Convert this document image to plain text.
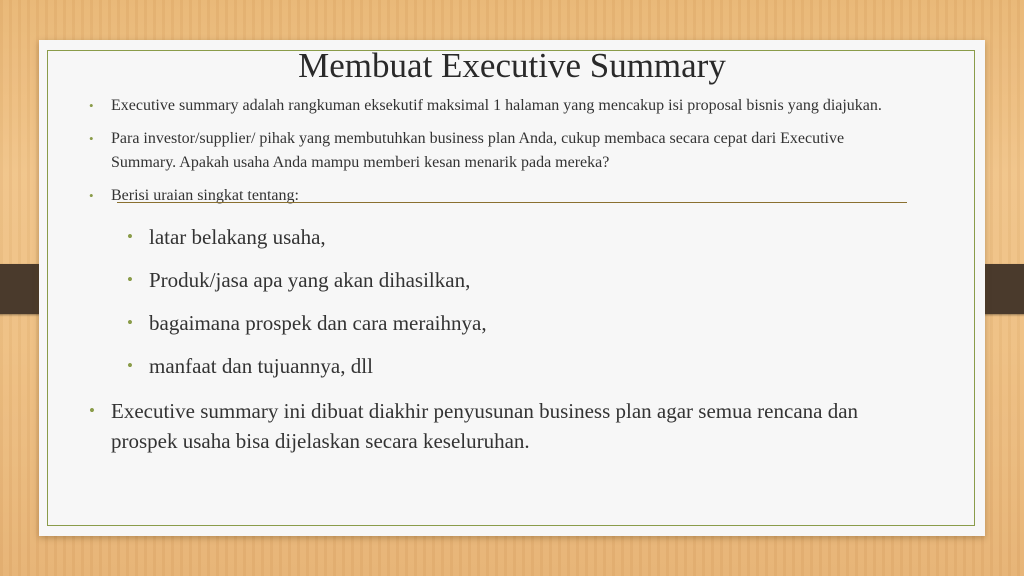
Membuat Executive Summary
• Executive summary adalah rangkuman eksekutif maksimal 1 halaman yang mencakup isi proposal bisnis yang diajukan.
• Para investor/supplier/ pihak yang membutuhkan business plan Anda, cukup membaca secara cepat dari Executive Summary. Apakah usaha Anda mampu memberi kesan menarik pada mereka?
• Berisi uraian singkat tentang:
• latar belakang usaha,
• Produk/jasa apa yang akan dihasilkan,
• bagaimana prospek dan cara meraihnya,
• manfaat dan tujuannya, dll
• Executive summary ini dibuat diakhir penyusunan business plan agar semua rencana dan prospek usaha bisa dijelaskan secara keseluruhan.
